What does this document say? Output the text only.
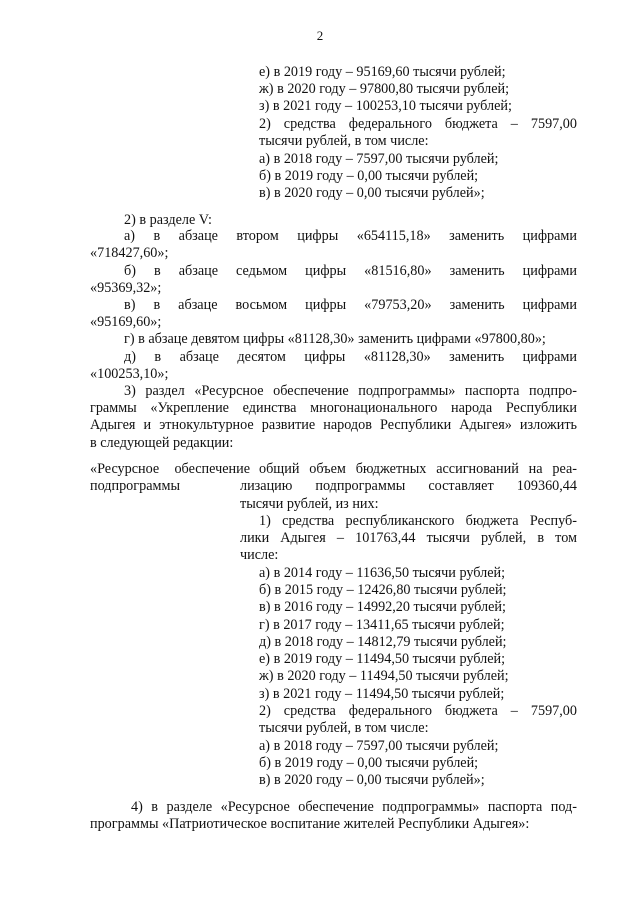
2
е) в 2019 году – 95169,60 тысячи рублей;
ж) в 2020 году – 97800,80 тысячи рублей;
з) в 2021 году – 100253,10 тысячи рублей;
2) средства федерального бюджета – 7597,00
тысячи рублей, в том числе:
а) в 2018 году – 7597,00 тысячи рублей;
б) в 2019 году – 0,00 тысячи рублей;
в) в 2020 году – 0,00 тысячи рублей»;
2) в разделе V:
а) в абзаце втором цифры «654115,18» заменить цифрами
«718427,60»;
б) в абзаце седьмом цифры «81516,80» заменить цифрами
«95369,32»;
в) в абзаце восьмом цифры «79753,20» заменить цифрами
«95169,60»;
г) в абзаце девятом цифры «81128,30» заменить цифрами «97800,80»;
д) в абзаце десятом цифры «81128,30» заменить цифрами
«100253,10»;
3) раздел «Ресурсное обеспечение подпрограммы» паспорта подпро-
граммы «Укрепление единства многонационального народа Республики
Адыгея и этнокультурное развитие народов Республики Адыгея» изложить
в следующей редакции:
«Ресурсное обеспечение
подпрограммы
общий объем бюджетных ассигнований на реа-
лизацию подпрограммы составляет 109360,44
тысячи рублей, из них:
1) средства республиканского бюджета Респуб-
лики Адыгея – 101763,44 тысячи рублей, в том
числе:
а) в 2014 году – 11636,50 тысячи рублей;
б) в 2015 году – 12426,80 тысячи рублей;
в) в 2016 году – 14992,20 тысячи рублей;
г) в 2017 году – 13411,65 тысячи рублей;
д) в 2018 году – 14812,79 тысячи рублей;
е) в 2019 году – 11494,50 тысячи рублей;
ж) в 2020 году – 11494,50 тысячи рублей;
з) в 2021 году – 11494,50 тысячи рублей;
2) средства федерального бюджета – 7597,00
тысячи рублей, в том числе:
а) в 2018 году – 7597,00 тысячи рублей;
б) в 2019 году – 0,00 тысячи рублей;
в) в 2020 году – 0,00 тысячи рублей»;
4) в разделе «Ресурсное обеспечение подпрограммы» паспорта под-
программы «Патриотическое воспитание жителей Республики Адыгея»:
